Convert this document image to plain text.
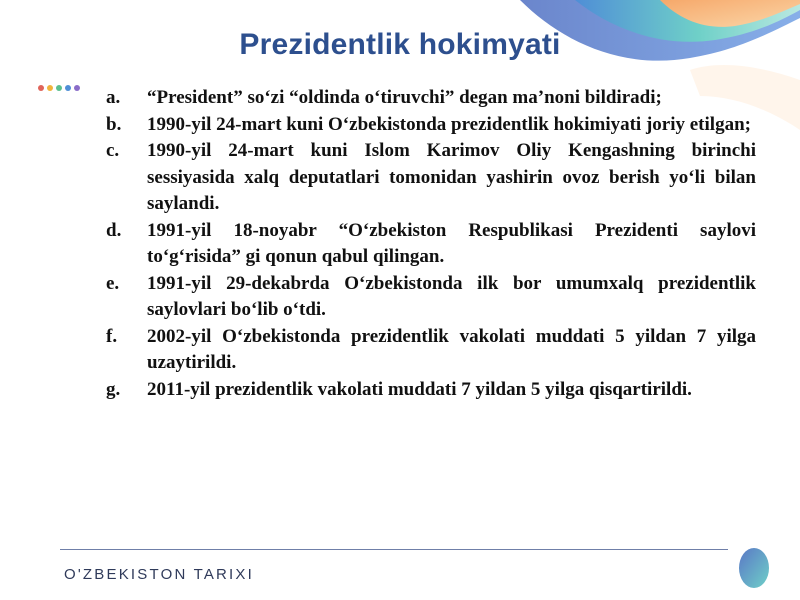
Prezidentlik hokimyati
a.	“President” so‘zi “oldinda o‘tiruvchi” degan ma’noni bildiradi;
b.	1990-yil 24-mart kuni O‘zbekistonda prezidentlik hokimiyati joriy etilgan;
c.	1990-yil 24-mart kuni Islom Karimov Oliy Kengashning birinchi sessiyasida xalq deputatlari tomonidan yashirin ovoz berish yo‘li bilan saylandi.
d.	1991-yil 18-noyabr “O‘zbekiston Respublikasi Prezidenti saylovi to‘g‘risida” gi qonun qabul qilingan.
e.	1991-yil 29-dekabrda O‘zbekistonda ilk bor umumxalq prezidentlik saylovlari bo‘lib o‘tdi.
f.	2002-yil O‘zbekistonda prezidentlik vakolati muddati 5 yildan 7 yilga uzaytirildi.
g.	2011-yil prezidentlik vakolati muddati 7 yildan 5 yilga qisqartirildi.
O'ZBEKISTON TARIXI
